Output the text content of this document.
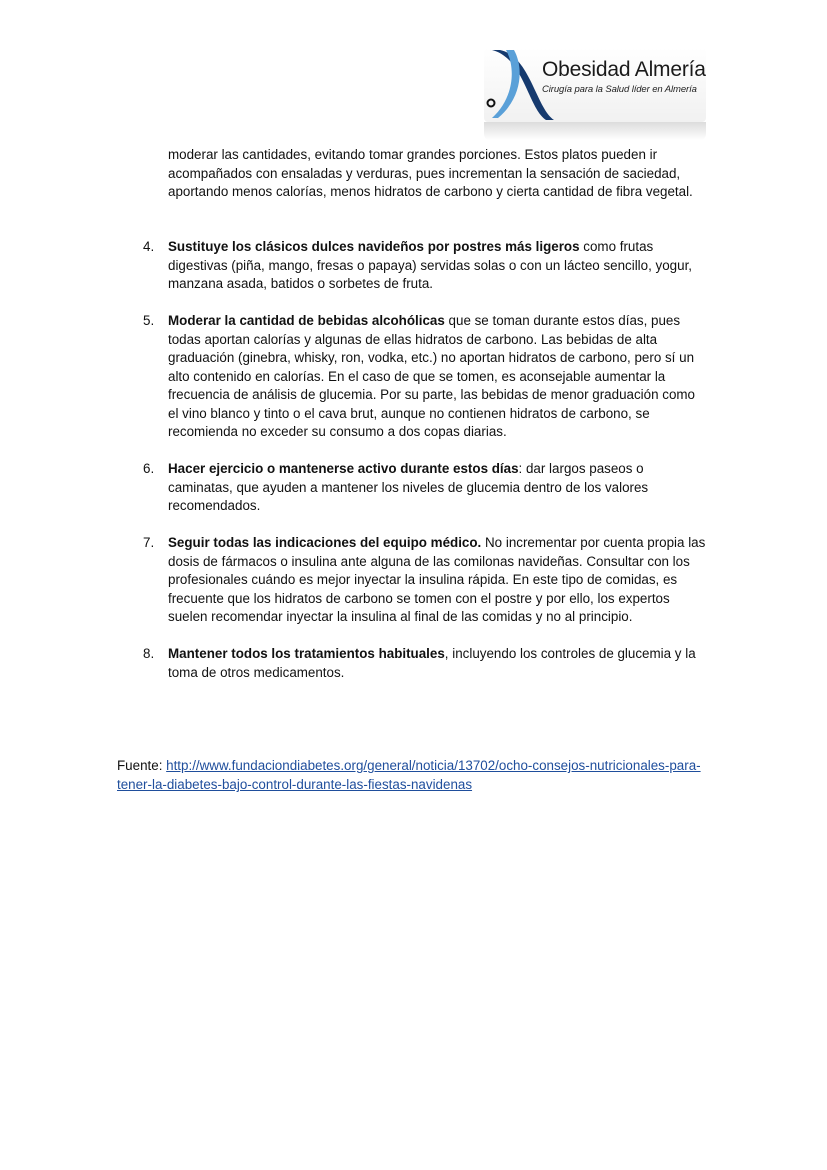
Obesidad Almería
Cirugía para la Salud líder en Almería
moderar las cantidades, evitando tomar grandes porciones. Estos platos pueden ir acompañados con ensaladas y verduras, pues incrementan la sensación de saciedad, aportando menos calorías, menos hidratos de carbono y cierta cantidad de fibra vegetal.
4. Sustituye los clásicos dulces navideños por postres más ligeros como frutas digestivas (piña, mango, fresas o papaya) servidas solas o con un lácteo sencillo, yogur, manzana asada, batidos o sorbetes de fruta.
5. Moderar la cantidad de bebidas alcohólicas que se toman durante estos días, pues todas aportan calorías y algunas de ellas hidratos de carbono. Las bebidas de alta graduación (ginebra, whisky, ron, vodka, etc.) no aportan hidratos de carbono, pero sí un alto contenido en calorías. En el caso de que se tomen, es aconsejable aumentar la frecuencia de análisis de glucemia. Por su parte, las bebidas de menor graduación como el vino blanco y tinto o el cava brut, aunque no contienen hidratos de carbono, se recomienda no exceder su consumo a dos copas diarias.
6. Hacer ejercicio o mantenerse activo durante estos días: dar largos paseos o caminatas, que ayuden a mantener los niveles de glucemia dentro de los valores recomendados.
7. Seguir todas las indicaciones del equipo médico. No incrementar por cuenta propia las dosis de fármacos o insulina ante alguna de las comilonas navideñas. Consultar con los profesionales cuándo es mejor inyectar la insulina rápida. En este tipo de comidas, es frecuente que los hidratos de carbono se tomen con el postre y por ello, los expertos suelen recomendar inyectar la insulina al final de las comidas y no al principio.
8. Mantener todos los tratamientos habituales, incluyendo los controles de glucemia y la toma de otros medicamentos.
Fuente: http://www.fundaciondiabetes.org/general/noticia/13702/ocho-consejos-nutricionales-para-tener-la-diabetes-bajo-control-durante-las-fiestas-navidenas
